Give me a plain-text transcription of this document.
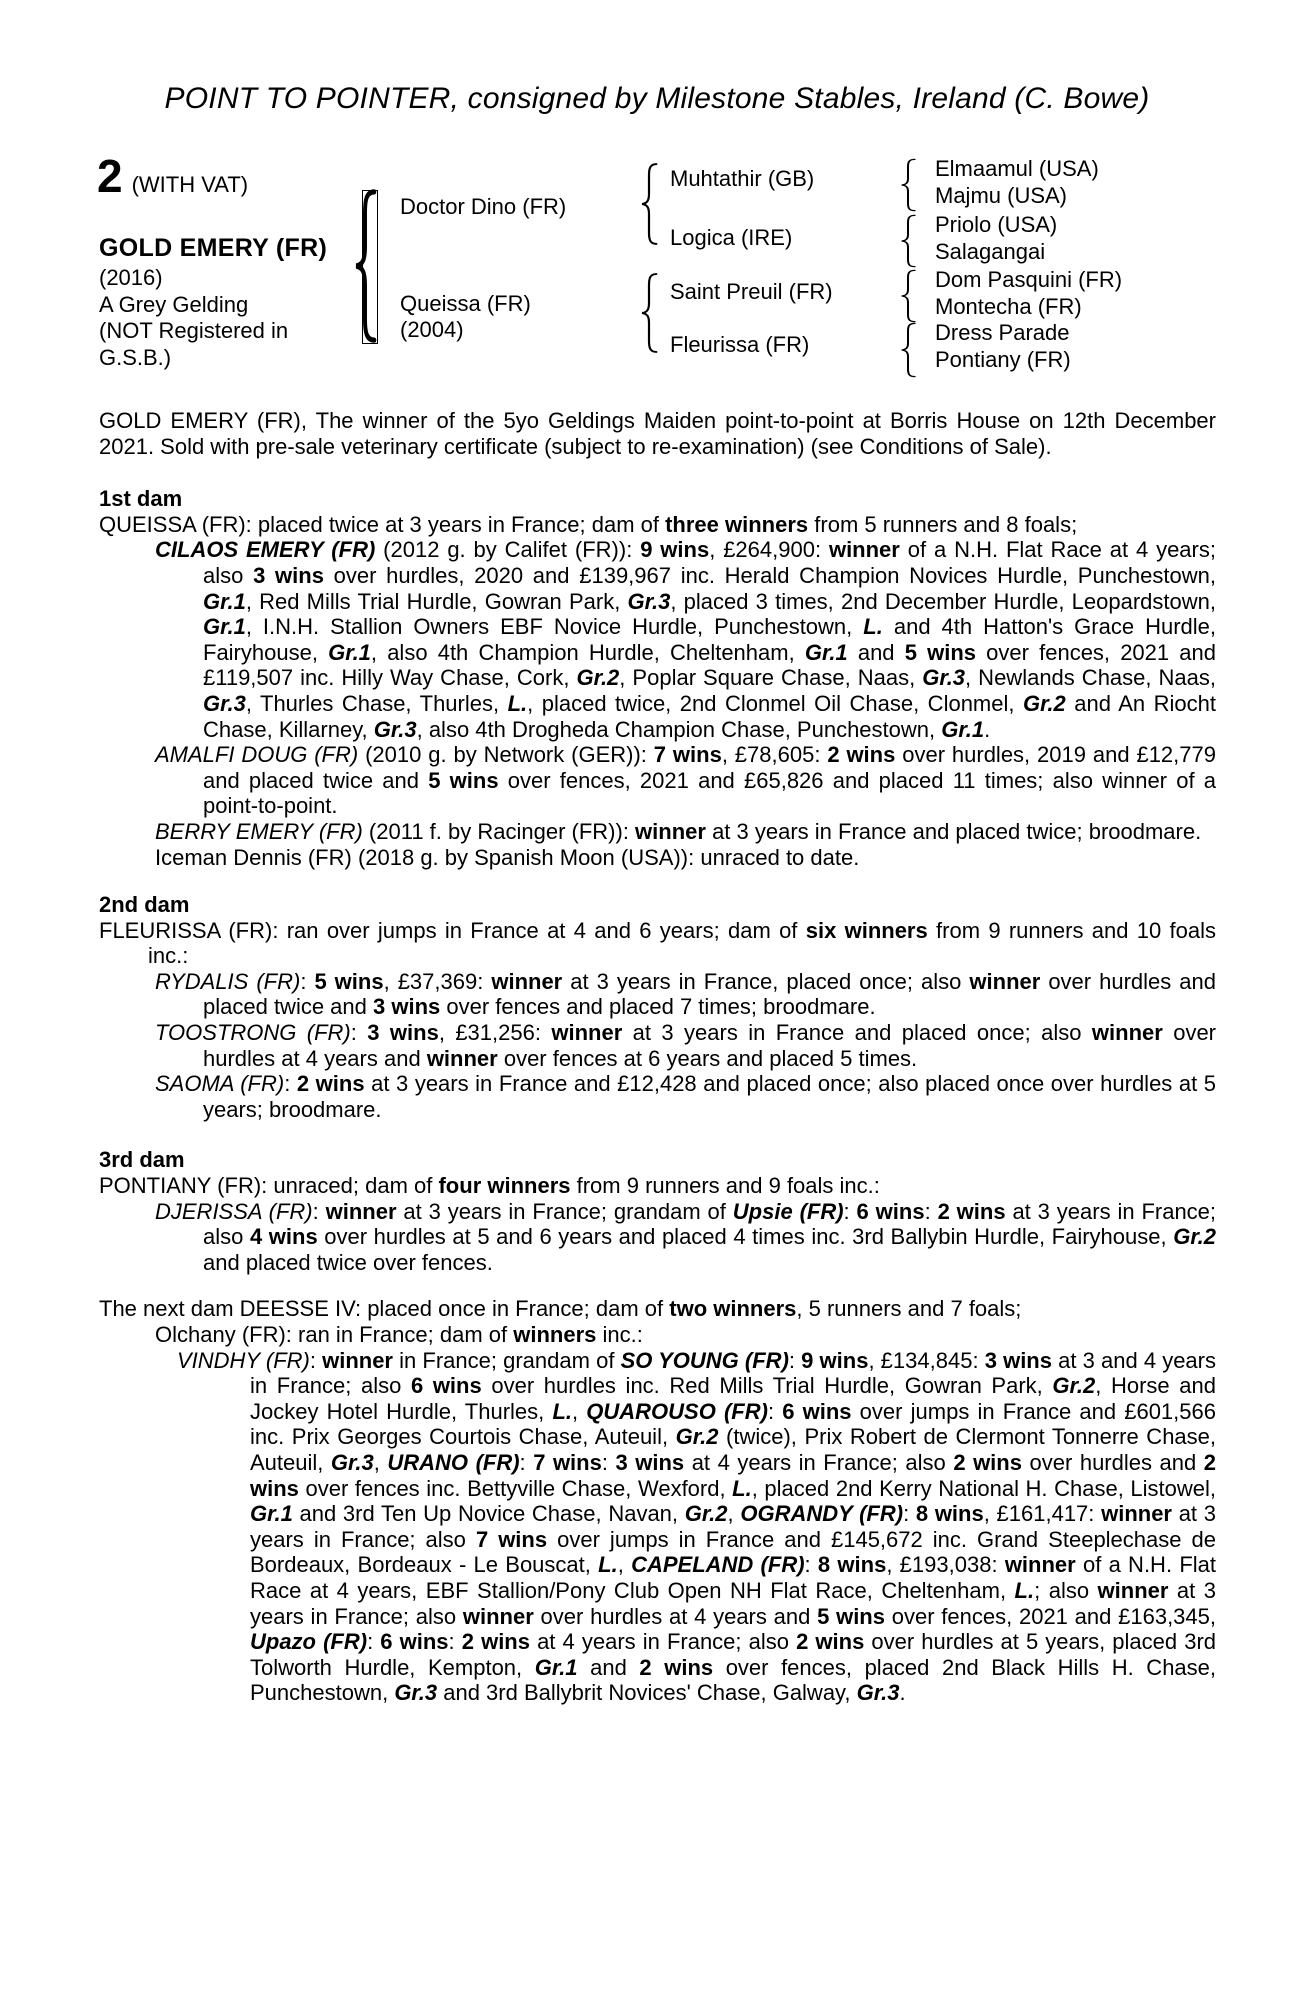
POINT TO POINTER, consigned by Milestone Stables, Ireland (C. Bowe)
2 (WITH VAT)
GOLD EMERY (FR)
(2016)
A Grey Gelding
(NOT Registered in
G.S.B.)
Doctor Dino (FR)
Queissa (FR)
(2004)
Muhtathir (GB)
Logica (IRE)
Saint Preuil (FR)
Fleurissa (FR)
Elmaamul (USA)
Majmu (USA)
Priolo (USA)
Salagangai
Dom Pasquini (FR)
Montecha (FR)
Dress Parade
Pontiany (FR)
GOLD EMERY (FR), The winner of the 5yo Geldings Maiden point-to-point at Borris House on 12th December 2021. Sold with pre-sale veterinary certificate (subject to re-examination) (see Conditions of Sale).
1st dam
QUEISSA (FR): placed twice at 3 years in France; dam of three winners from 5 runners and 8 foals;
CILAOS EMERY (FR) (2012 g. by Califet (FR)): 9 wins, £264,900: winner of a N.H. Flat Race at 4 years; also 3 wins over hurdles, 2020 and £139,967 inc. Herald Champion Novices Hurdle, Punchestown, Gr.1, Red Mills Trial Hurdle, Gowran Park, Gr.3, placed 3 times, 2nd December Hurdle, Leopardstown, Gr.1, I.N.H. Stallion Owners EBF Novice Hurdle, Punchestown, L. and 4th Hatton's Grace Hurdle, Fairyhouse, Gr.1, also 4th Champion Hurdle, Cheltenham, Gr.1 and 5 wins over fences, 2021 and £119,507 inc. Hilly Way Chase, Cork, Gr.2, Poplar Square Chase, Naas, Gr.3, Newlands Chase, Naas, Gr.3, Thurles Chase, Thurles, L., placed twice, 2nd Clonmel Oil Chase, Clonmel, Gr.2 and An Riocht Chase, Killarney, Gr.3, also 4th Drogheda Champion Chase, Punchestown, Gr.1.
AMALFI DOUG (FR) (2010 g. by Network (GER)): 7 wins, £78,605: 2 wins over hurdles, 2019 and £12,779 and placed twice and 5 wins over fences, 2021 and £65,826 and placed 11 times; also winner of a point-to-point.
BERRY EMERY (FR) (2011 f. by Racinger (FR)): winner at 3 years in France and placed twice; broodmare.
Iceman Dennis (FR) (2018 g. by Spanish Moon (USA)): unraced to date.
2nd dam
FLEURISSA (FR): ran over jumps in France at 4 and 6 years; dam of six winners from 9 runners and 10 foals inc.:
RYDALIS (FR): 5 wins, £37,369: winner at 3 years in France, placed once; also winner over hurdles and placed twice and 3 wins over fences and placed 7 times; broodmare.
TOOSTRONG (FR): 3 wins, £31,256: winner at 3 years in France and placed once; also winner over hurdles at 4 years and winner over fences at 6 years and placed 5 times.
SAOMA (FR): 2 wins at 3 years in France and £12,428 and placed once; also placed once over hurdles at 5 years; broodmare.
3rd dam
PONTIANY (FR): unraced; dam of four winners from 9 runners and 9 foals inc.:
DJERISSA (FR): winner at 3 years in France; grandam of Upsie (FR): 6 wins: 2 wins at 3 years in France; also 4 wins over hurdles at 5 and 6 years and placed 4 times inc. 3rd Ballybin Hurdle, Fairyhouse, Gr.2 and placed twice over fences.
The next dam DEESSE IV: placed once in France; dam of two winners, 5 runners and 7 foals;
Olchany (FR): ran in France; dam of winners inc.:
VINDHY (FR): winner in France; grandam of SO YOUNG (FR): 9 wins, £134,845: 3 wins at 3 and 4 years in France; also 6 wins over hurdles inc. Red Mills Trial Hurdle, Gowran Park, Gr.2, Horse and Jockey Hotel Hurdle, Thurles, L., QUAROUSO (FR): 6 wins over jumps in France and £601,566 inc. Prix Georges Courtois Chase, Auteuil, Gr.2 (twice), Prix Robert de Clermont Tonnerre Chase, Auteuil, Gr.3, URANO (FR): 7 wins: 3 wins at 4 years in France; also 2 wins over hurdles and 2 wins over fences inc. Bettyville Chase, Wexford, L., placed 2nd Kerry National H. Chase, Listowel, Gr.1 and 3rd Ten Up Novice Chase, Navan, Gr.2, OGRANDY (FR): 8 wins, £161,417: winner at 3 years in France; also 7 wins over jumps in France and £145,672 inc. Grand Steeplechase de Bordeaux, Bordeaux - Le Bouscat, L., CAPELAND (FR): 8 wins, £193,038: winner of a N.H. Flat Race at 4 years, EBF Stallion/Pony Club Open NH Flat Race, Cheltenham, L.; also winner at 3 years in France; also winner over hurdles at 4 years and 5 wins over fences, 2021 and £163,345, Upazo (FR): 6 wins: 2 wins at 4 years in France; also 2 wins over hurdles at 5 years, placed 3rd Tolworth Hurdle, Kempton, Gr.1 and 2 wins over fences, placed 2nd Black Hills H. Chase, Punchestown, Gr.3 and 3rd Ballybrit Novices' Chase, Galway, Gr.3.
